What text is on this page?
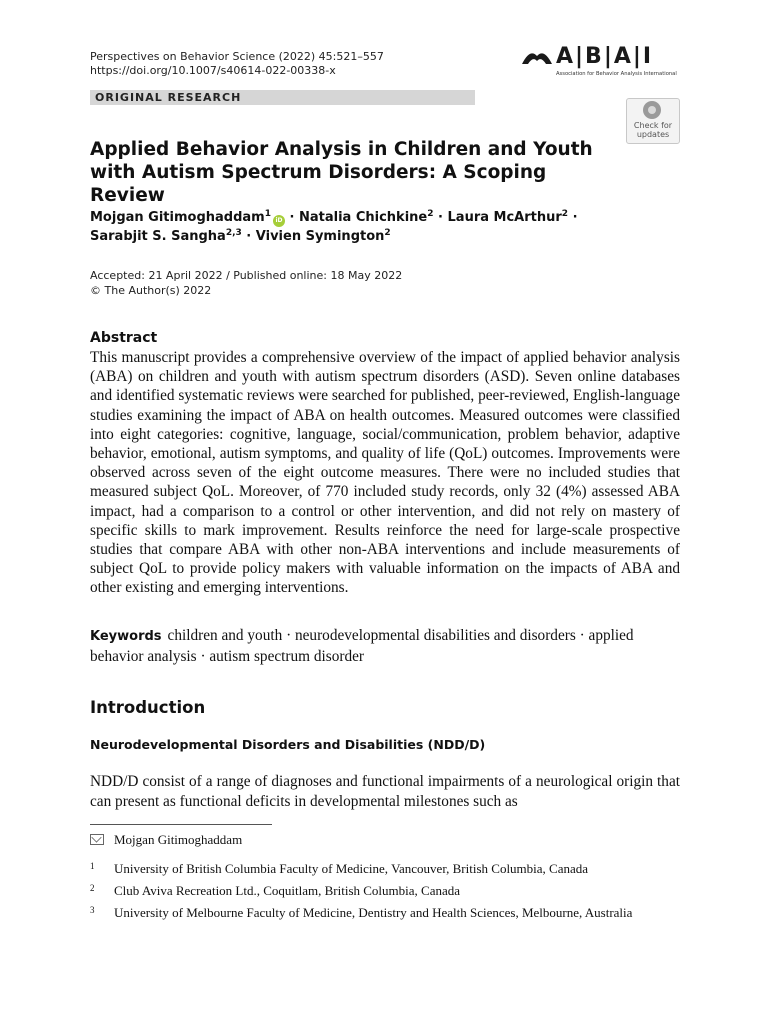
Perspectives on Behavior Science (2022) 45:521–557
https://doi.org/10.1007/s40614-022-00338-x
A|B|A|I
Association for Behavior Analysis International
ORIGINAL RESEARCH
Check for updates
Applied Behavior Analysis in Children and Youth
with Autism Spectrum Disorders: A Scoping Review
Mojgan Gitimoghaddam$^1$iD · Natalia Chichkine$^2$ · Laura McArthur$^2$ ·
Sarabjit S. Sangha$^{2,3}$ · Vivien Symington$^2$
Accepted: 21 April 2022 / Published online: 18 May 2022
© The Author(s) 2022
Abstract
This manuscript provides a comprehensive overview of the impact of applied behavior analysis (ABA) on children and youth with autism spectrum disorders (ASD). Seven online databases and identified systematic reviews were searched for published, peer-reviewed, English-language studies examining the impact of ABA on health outcomes. Measured outcomes were classified into eight categories: cognitive, language, social/communication, problem behavior, adaptive behavior, emotional, autism symptoms, and quality of life (QoL) outcomes. Improvements were observed across seven of the eight outcome measures. There were no included studies that measured subject QoL. Moreover, of 770 included study records, only 32 (4%) assessed ABA impact, had a comparison to a control or other intervention, and did not rely on mastery of specific skills to mark improvement. Results reinforce the need for large-scale prospective studies that compare ABA with other non-ABA interventions and include measurements of subject QoL to provide policy makers with valuable information on the impacts of ABA and other existing and emerging interventions.
Keywords children and youth · neurodevelopmental disabilities and disorders · applied behavior analysis · autism spectrum disorder
Introduction
Neurodevelopmental Disorders and Disabilities (NDD/D)
NDD/D consist of a range of diagnoses and functional impairments of a neurological origin that can present as functional deficits in developmental milestones such as
Mojgan Gitimoghaddam
1 University of British Columbia Faculty of Medicine, Vancouver, British Columbia, Canada
2 Club Aviva Recreation Ltd., Coquitlam, British Columbia, Canada
3 University of Melbourne Faculty of Medicine, Dentistry and Health Sciences, Melbourne, Australia
